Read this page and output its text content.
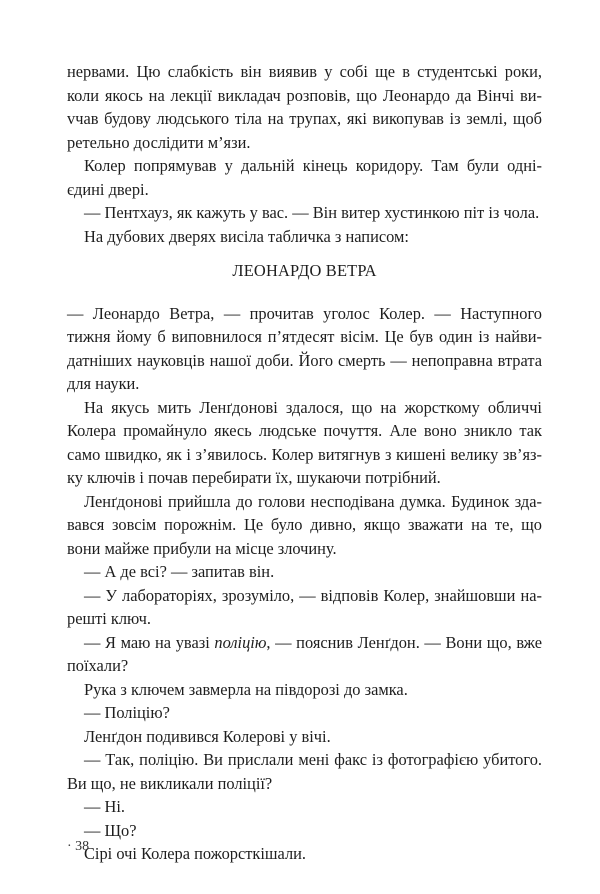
нервами. Цю слабкість він виявив у собі ще в студентські роки, коли якось на лекції викладач розповів, що Леонардо да Вінчі виvчав будову людського тіла на трупах, які викопував із землі, щоб ретельно дослідити м’язи.

Колер попрямував у дальній кінець коридору. Там були одні-єдині двері.

— Пентхауз, як кажуть у вас. — Він витер хустинкою піт із чола.

На дубових дверях висіла табличка з написом:

ЛЕОНАРДО ВЕТРА

— Леонардо Ветра, — прочитав уголос Колер. — Наступного тижня йому б виповнилося п’ятдесят вісім. Це був один із найвидатніших науковців нашої доби. Його смерть — непоправна втрата для науки.

На якусь мить Ленґдонові здалося, що на жорсткому обличчі Колера промайнуло якесь людське почуття. Але воно зникло так само швидко, як і з’явилось. Колер витягнув з кишені велику зв’язку ключів і почав перебирати їх, шукаючи потрібний.

Ленґдонові прийшла до голови несподівана думка. Будинок здавався зовсім порожнім. Це було дивно, якщо зважати на те, що вони майже прибули на місце злочину.

— А де всі? — запитав він.

— У лабораторіях, зрозуміло, — відповів Колер, знайшовши нарешті ключ.

— Я маю на увазі поліцію, — пояснив Ленґдон. — Вони що, вже поїхали?

Рука з ключем завмерла на півдорозі до замка.

— Поліцію?

Ленґдон подивився Колерові у вічі.

— Так, поліцію. Ви прислали мені факс із фотографією убитого. Ви що, не викликали поліції?

— Ні.

— Що?

Сірі очі Колера пожорсткішали.

· 38
